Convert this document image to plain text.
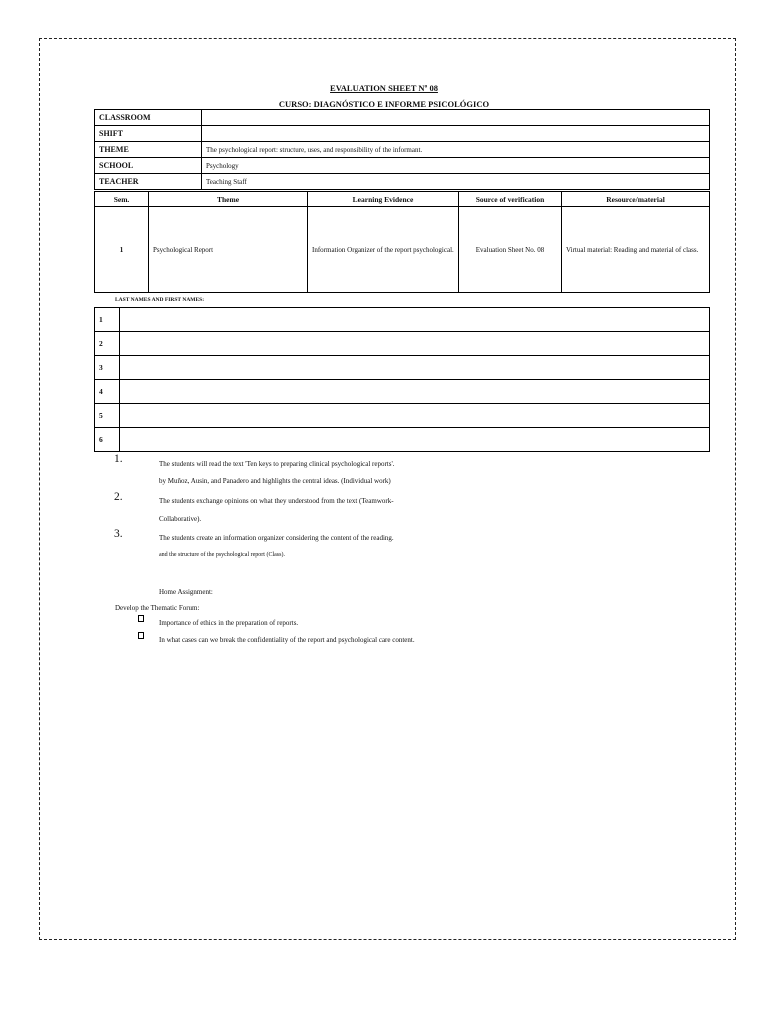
EVALUATION SHEET Nº 08
CURSO: DIAGNÓSTICO E INFORME PSICOLÓGICO
CLASSROOM	
SHIFT	
THEME	The psychological report: structure, uses, and responsibility of the informant.
SCHOOL	Psychology
TEACHER	Teaching Staff
Sem.	Theme	Learning Evidence	Source of verification	Resource/material
1	Psychological Report	Information Organizer of the report psychological.	Evaluation Sheet No. 08	Virtual material: Reading and material of class.
LAST NAMES AND FIRST NAMES:
1	
2	
3	
4	
5	
6	
1.	The students will read the text 'Ten keys to preparing clinical psychological reports'.
by Muñoz, Ausin, and Panadero and highlights the central ideas. (Individual work)
2.	The students exchange opinions on what they understood from the text (Teamwork-
Collaborative).
3.	The students create an information organizer considering the content of the reading.
and the structure of the psychological report (Class).
Home Assignment:
Develop the Thematic Forum:
Importance of ethics in the preparation of reports.
In what cases can we break the confidentiality of the report and psychological care content.
